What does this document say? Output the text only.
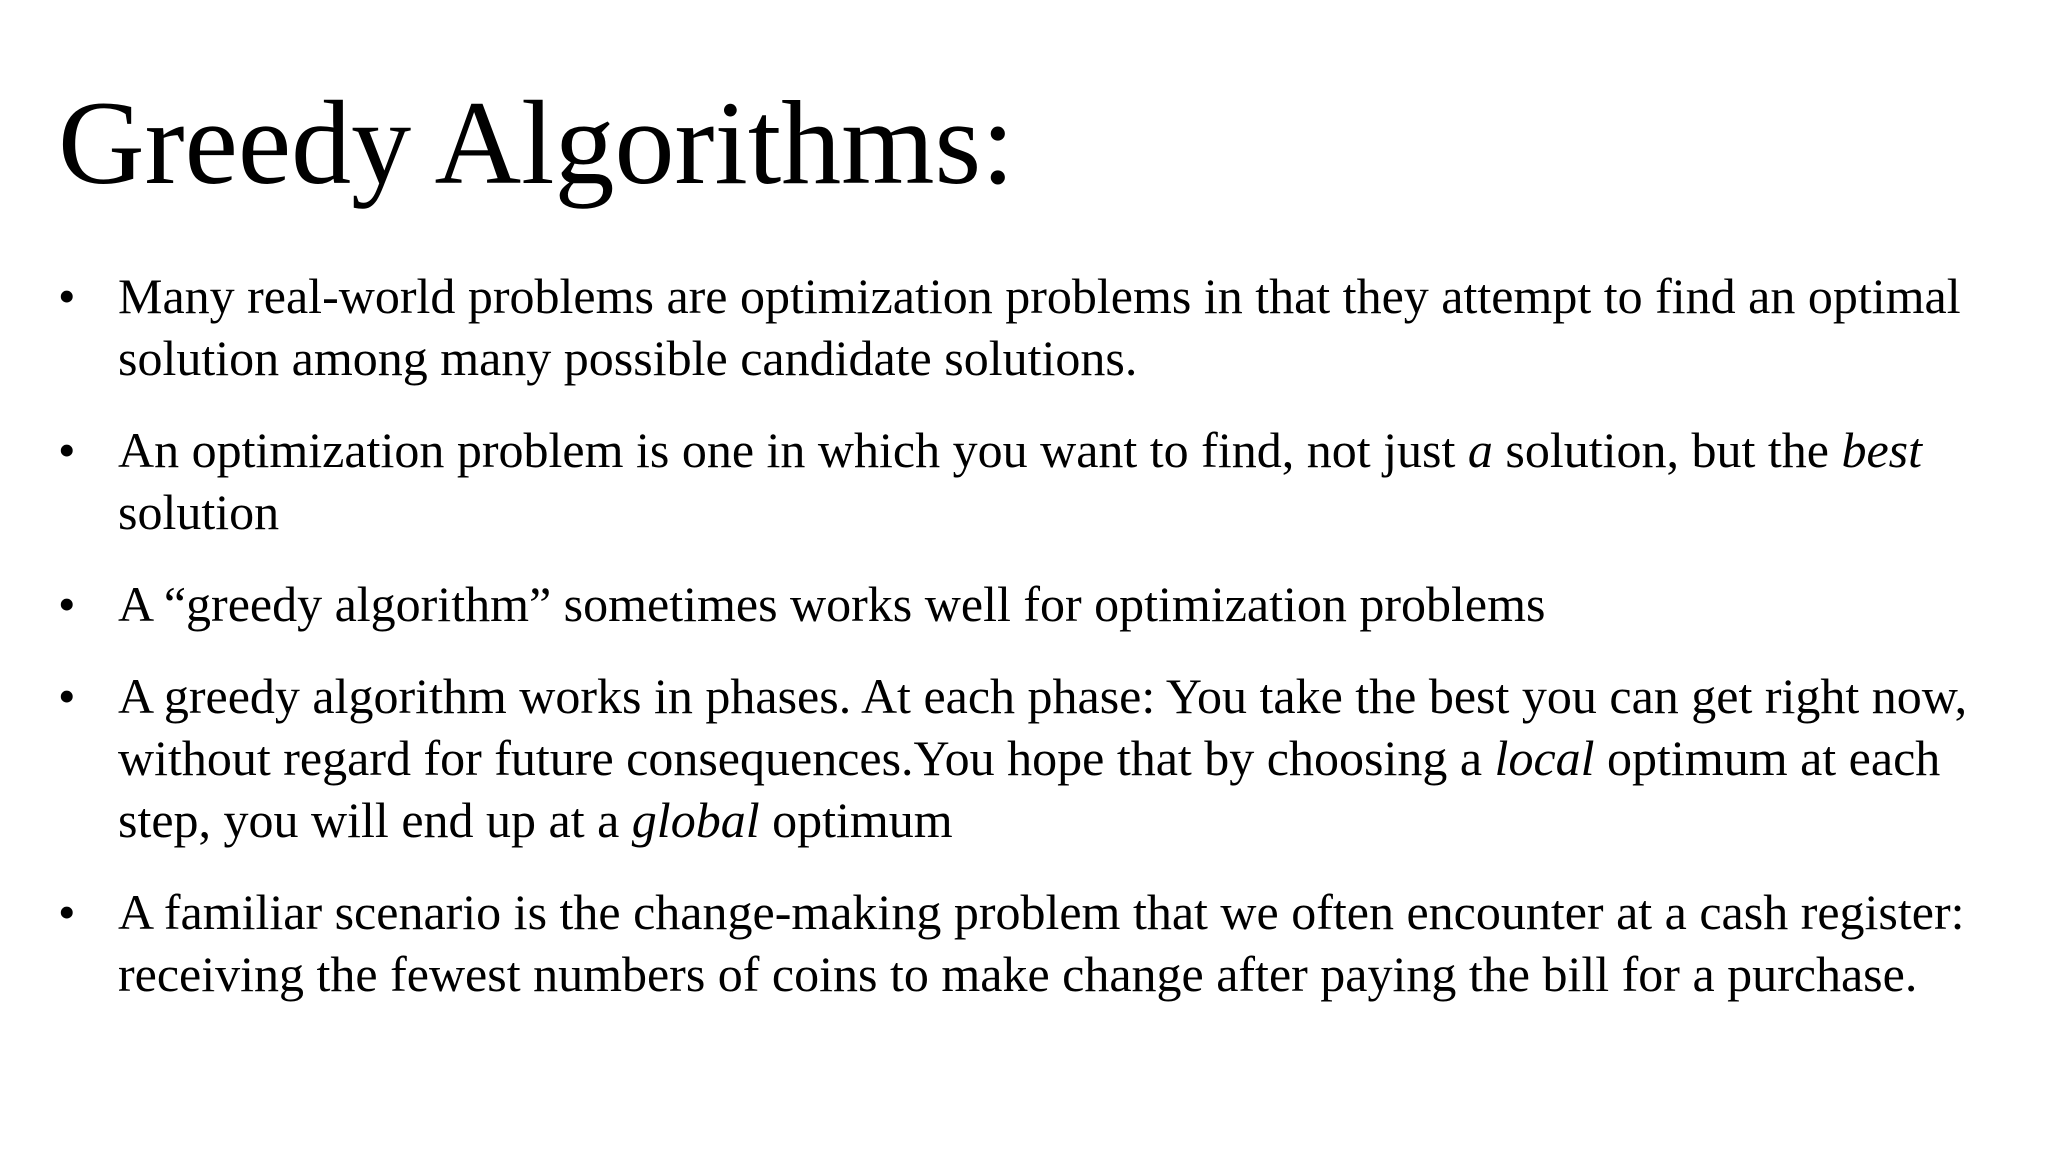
Greedy Algorithms:
• Many real-world problems are optimization problems in that they attempt to find an optimal solution among many possible candidate solutions.
• An optimization problem is one in which you want to find, not just a solution, but the best solution
• A “greedy algorithm” sometimes works well for optimization problems
• A greedy algorithm works in phases. At each phase: You take the best you can get right now, without regard for future consequences.You hope that by choosing a local optimum at each step, you will end up at a global optimum
• A familiar scenario is the change-making problem that we often encounter at a cash register: receiving the fewest numbers of coins to make change after paying the bill for a purchase.
